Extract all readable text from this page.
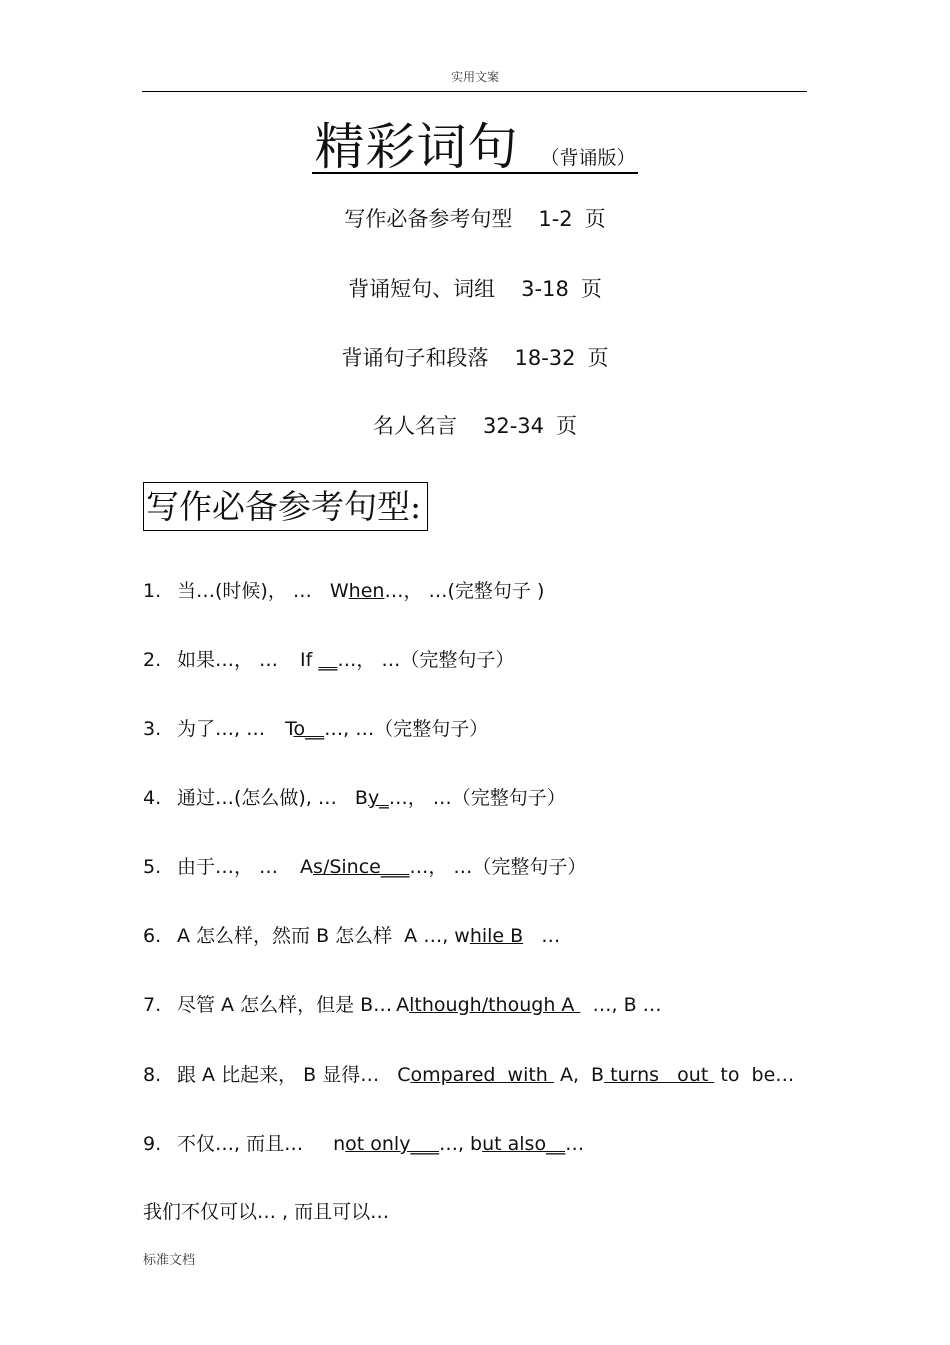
实用文案
精彩词句 （背诵版）
写作必备参考句型 1-2 页
背诵短句、词组 3-18 页
背诵句子和段落 18-32 页
名人名言 32-34 页
写作必备参考句型:
1. 当…(时候)， … When…， …(完整句子 )
2. 如果…， … If __…， …（完整句子）
3. 为了…, … To__…, …（完整句子）
4. 通过…(怎么做), … By_…， …（完整句子）
5. 由于…， … As/Since___…， …（完整句子）
6. A 怎么样，然而 B 怎么样 A …, while B   …
7. 尽管 A 怎么样，但是 B… Although/though A   …, B …
8. 跟 A 比起来， B 显得… Compared  with  A,  B turns   out  to  be…
9. 不仅…, 而且… not only___…, but also__…
我们不仅可以… , 而且可以…
标准文档
